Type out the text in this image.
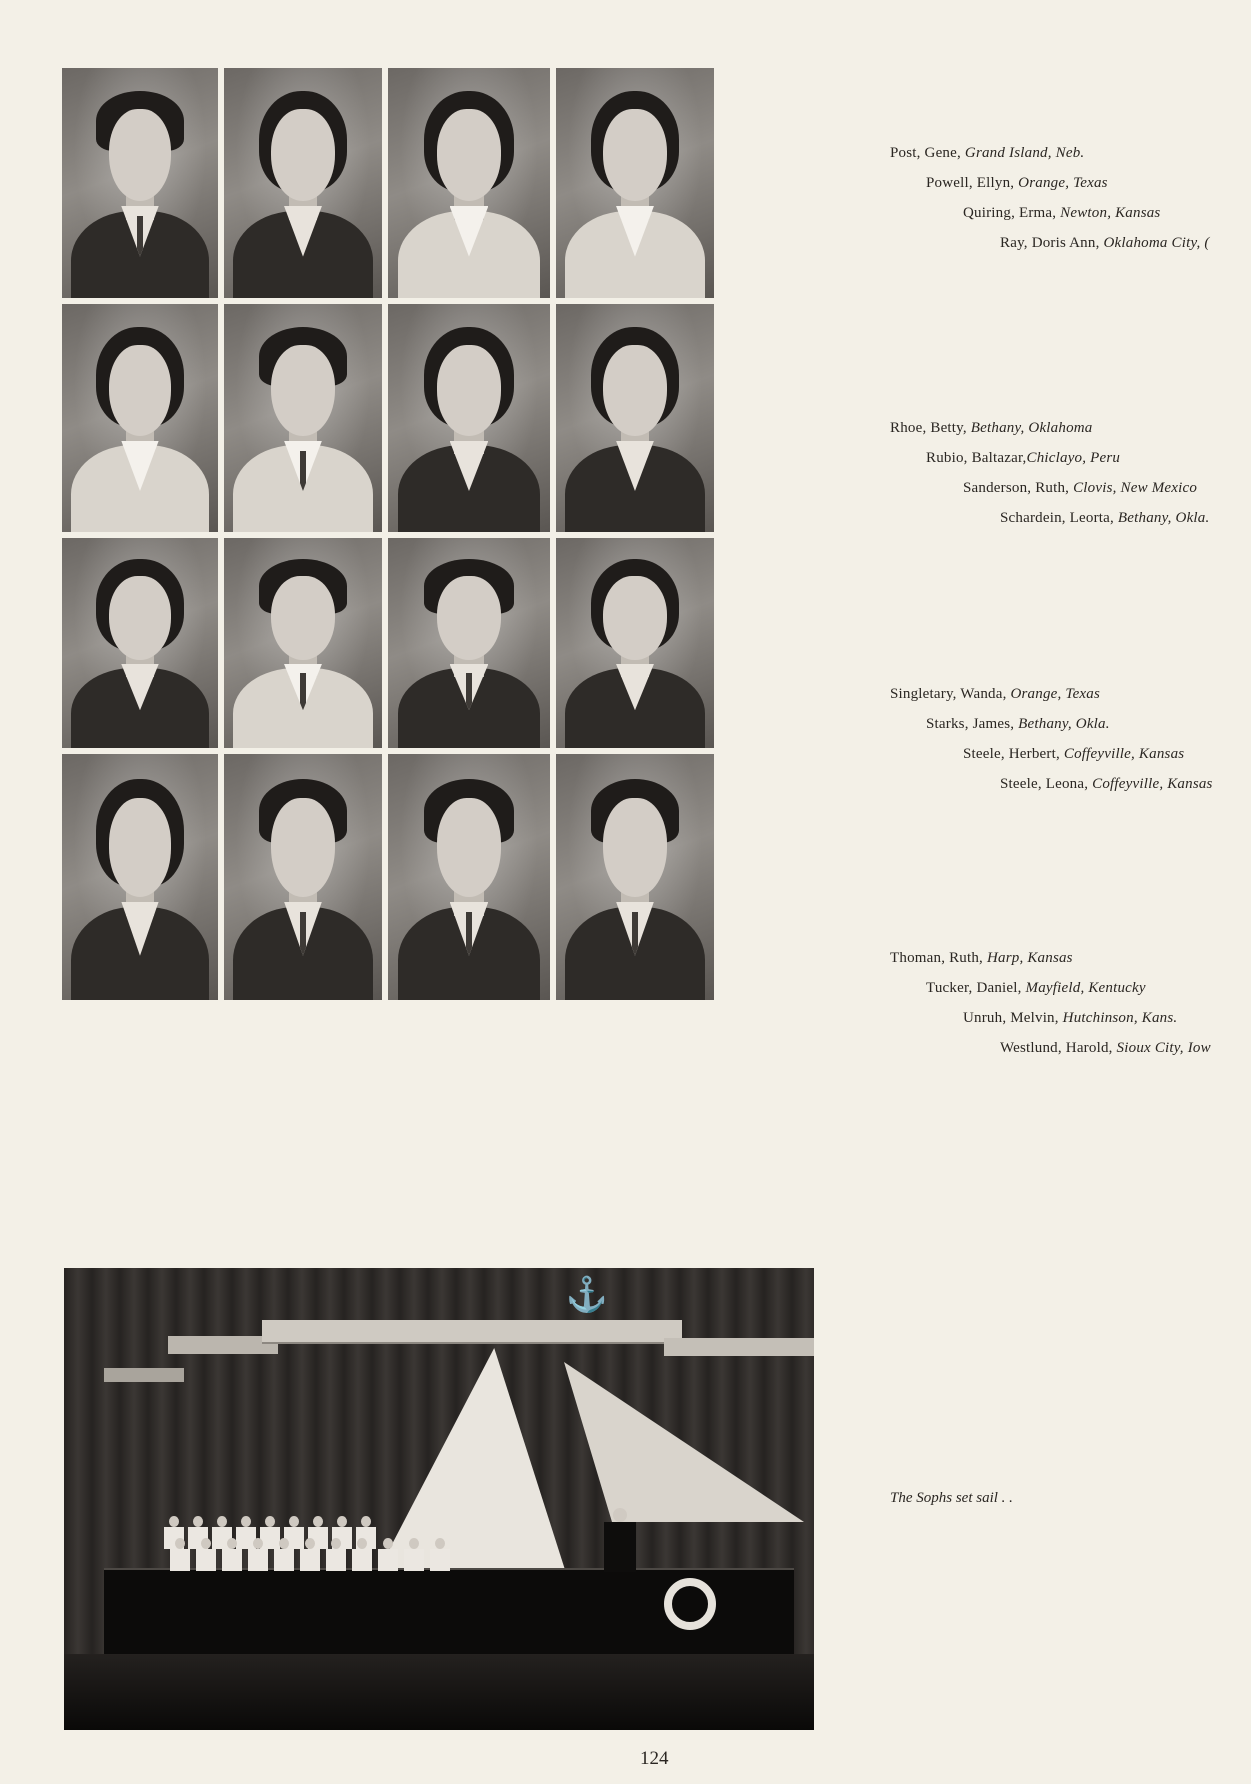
Post, Gene, Grand Island, Neb.
Powell, Ellyn, Orange, Texas
Quiring, Erma, Newton, Kansas
Ray, Doris Ann, Oklahoma City, (
Rhoe, Betty, Bethany, Oklahoma
Rubio, Baltazar,Chiclayo, Peru
Sanderson, Ruth, Clovis, New Mexico
Schardein, Leorta, Bethany, Okla.
Singletary, Wanda, Orange, Texas
Starks, James, Bethany, Okla.
Steele, Herbert, Coffeyville, Kansas
Steele, Leona, Coffeyville, Kansas
Thoman, Ruth, Harp, Kansas
Tucker, Daniel, Mayfield, Kentucky
Unruh, Melvin, Hutchinson, Kans.
Westlund, Harold, Sioux City, Iow
⚓
The Sophs set sail . .
124
